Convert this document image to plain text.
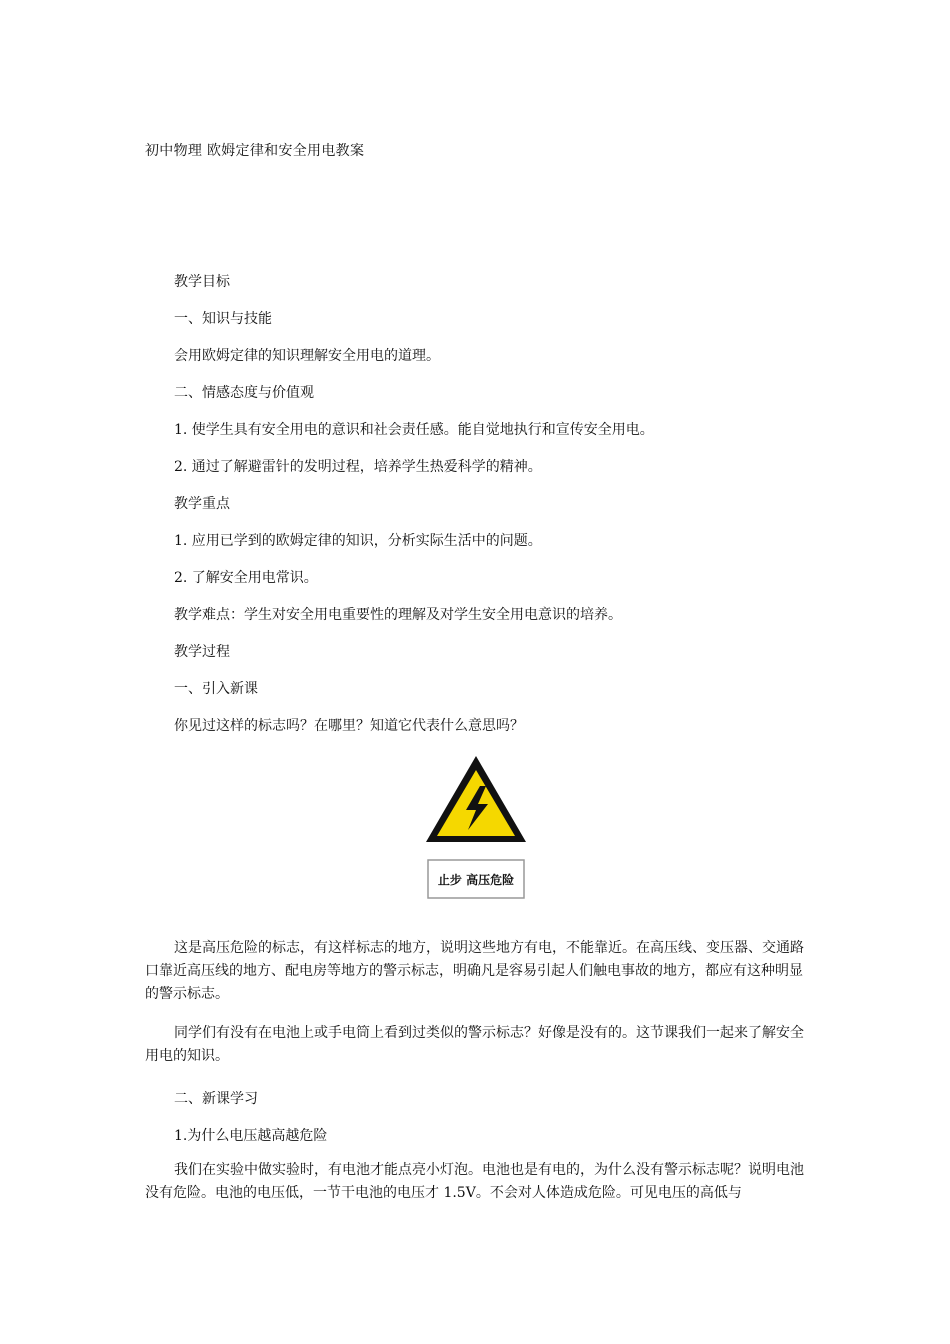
初中物理 欧姆定律和安全用电教案
教学目标
一、知识与技能
会用欧姆定律的知识理解安全用电的道理。
二、情感态度与价值观
1. 使学生具有安全用电的意识和社会责任感。能自觉地执行和宣传安全用电。
2. 通过了解避雷针的发明过程，培养学生热爱科学的精神。
教学重点
1. 应用已学到的欧姆定律的知识，分析实际生活中的问题。
2. 了解安全用电常识。
教学难点：学生对安全用电重要性的理解及对学生安全用电意识的培养。
教学过程
一、引入新课
你见过这样的标志吗？在哪里？知道它代表什么意思吗？
止步 高压危险
这是高压危险的标志，有这样标志的地方，说明这些地方有电，不能靠近。在高压线、变压器、交通路口靠近高压线的地方、配电房等地方的警示标志，明确凡是容易引起人们触电事故的地方，都应有这种明显的警示标志。
同学们有没有在电池上或手电筒上看到过类似的警示标志？好像是没有的。这节课我们一起来了解安全用电的知识。
二、新课学习
1.为什么电压越高越危险
我们在实验中做实验时，有电池才能点亮小灯泡。电池也是有电的，为什么没有警示标志呢？说明电池没有危险。电池的电压低，一节干电池的电压才 1.5V。不会对人体造成危险。可见电压的高低与
